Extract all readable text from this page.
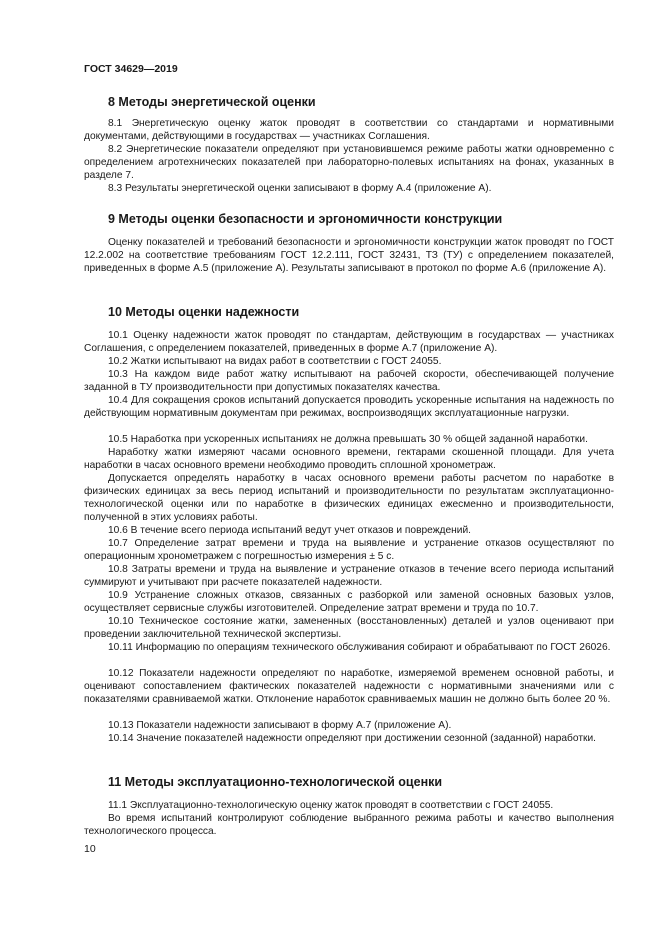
ГОСТ 34629—2019
8 Методы энергетической оценки
8.1 Энергетическую оценку жаток проводят в соответствии со стандартами и нормативными документами, действующими в государствах — участниках Соглашения.
8.2 Энергетические показатели определяют при установившемся режиме работы жатки одновременно с определением агротехнических показателей при лабораторно-полевых испытаниях на фонах, указанных в разделе 7.
8.3 Результаты энергетической оценки записывают в форму А.4 (приложение А).
9 Методы оценки безопасности и эргономичности конструкции
Оценку показателей и требований безопасности и эргономичности конструкции жаток проводят по ГОСТ 12.2.002 на соответствие требованиям ГОСТ 12.2.111, ГОСТ 32431, ТЗ (ТУ) с определением показателей, приведенных в форме А.5 (приложение А). Результаты записывают в протокол по форме А.6 (приложение А).
10 Методы оценки надежности
10.1 Оценку надежности жаток проводят по стандартам, действующим в государствах — участниках Соглашения, с определением показателей, приведенных в форме А.7 (приложение А).
10.2 Жатки испытывают на видах работ в соответствии с ГОСТ 24055.
10.3 На каждом виде работ жатку испытывают на рабочей скорости, обеспечивающей получение заданной в ТУ производительности при допустимых показателях качества.
10.4 Для сокращения сроков испытаний допускается проводить ускоренные испытания на надежность по действующим нормативным документам при режимах, воспроизводящих эксплуатационные нагрузки.
10.5 Наработка при ускоренных испытаниях не должна превышать 30 % общей заданной наработки.
Наработку жатки измеряют часами основного времени, гектарами скошенной площади. Для учета наработки в часах основного времени необходимо проводить сплошной хронометраж.
Допускается определять наработку в часах основного времени работы расчетом по наработке в физических единицах за весь период испытаний и производительности по результатам эксплуатационно-технологической оценки или по наработке в физических единицах ежесменно и производительности, полученной в этих условиях работы.
10.6 В течение всего периода испытаний ведут учет отказов и повреждений.
10.7 Определение затрат времени и труда на выявление и устранение отказов осуществляют по операционным хронометражем с погрешностью измерения ± 5 с.
10.8 Затраты времени и труда на выявление и устранение отказов в течение всего периода испытаний суммируют и учитывают при расчете показателей надежности.
10.9 Устранение сложных отказов, связанных с разборкой или заменой основных базовых узлов, осуществляет сервисные службы изготовителей. Определение затрат времени и труда по 10.7.
10.10 Техническое состояние жатки, замененных (восстановленных) деталей и узлов оценивают при проведении заключительной технической экспертизы.
10.11 Информацию по операциям технического обслуживания собирают и обрабатывают по ГОСТ 26026.
10.12 Показатели надежности определяют по наработке, измеряемой временем основной работы, и оценивают сопоставлением фактических показателей надежности с нормативными значениями или с показателями сравниваемой жатки. Отклонение наработок сравниваемых машин не должно быть более 20 %.
10.13 Показатели надежности записывают в форму А.7 (приложение А).
10.14 Значение показателей надежности определяют при достижении сезонной (заданной) наработки.
11 Методы эксплуатационно-технологической оценки
11.1 Эксплуатационно-технологическую оценку жаток проводят в соответствии с ГОСТ 24055.
Во время испытаний контролируют соблюдение выбранного режима работы и качество выполнения технологического процесса.
10
